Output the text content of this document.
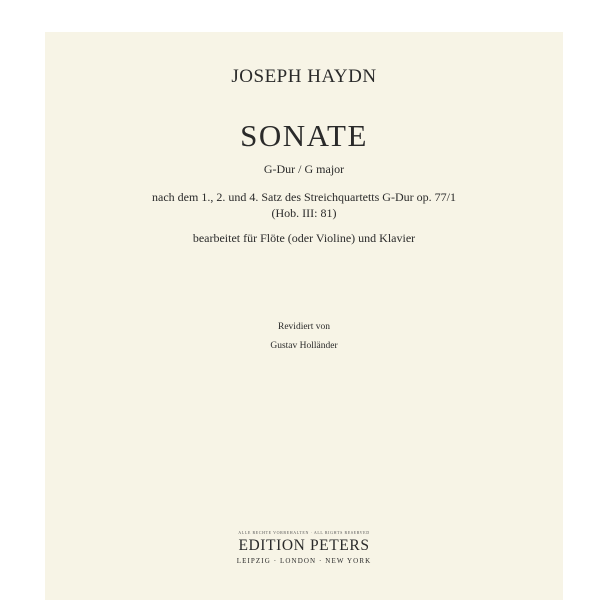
JOSEPH HAYDN
SONATE
G-Dur / G major
nach dem 1., 2. und 4. Satz des Streichquartetts G-Dur op. 77/1
(Hob. III: 81)
bearbeitet für Flöte (oder Violine) und Klavier
Revidiert von
Gustav Holländer
ALLE RECHTE VORBEHALTEN · ALL RIGHTS RESERVED
EDITION PETERS
LEIPZIG · LONDON · NEW YORK
